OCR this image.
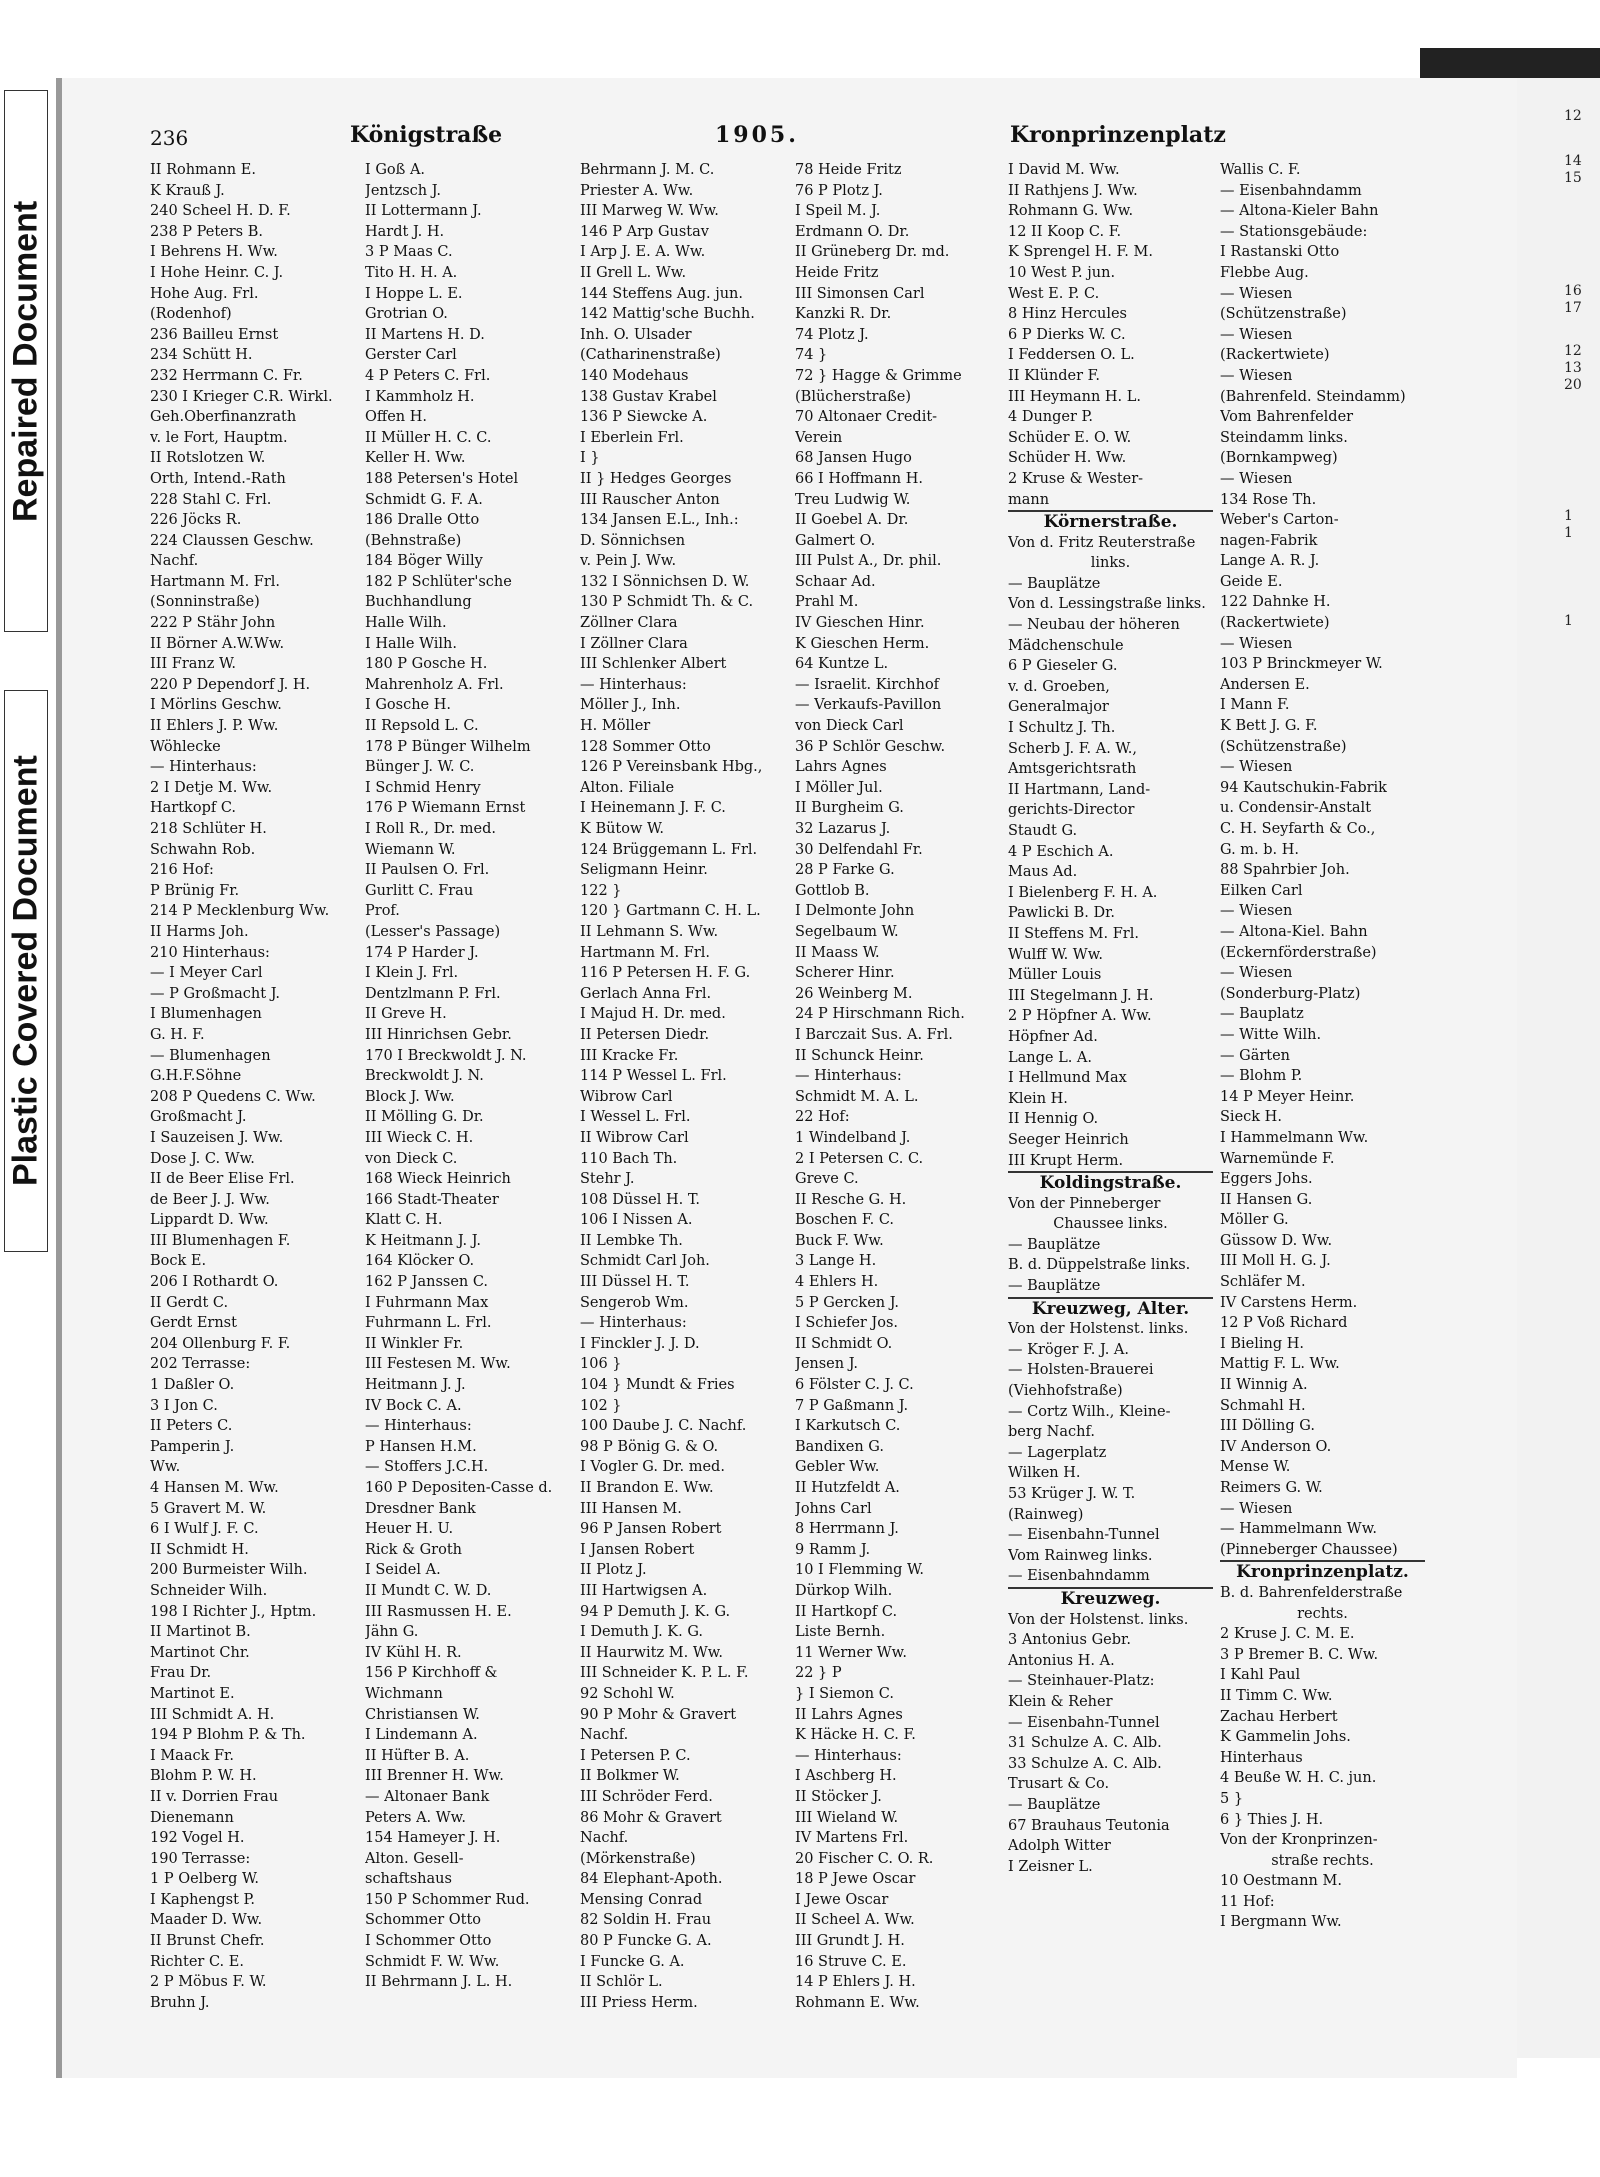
12
14
15
16
17
12
13
20
1
1
1
Repaired Document
Plastic Covered Document
236	Königstraße	1905.	Kronprinzenplatz
II Rohmann E.
K Krauß J.
240 Scheel H. D. F.
238 P Peters B.
I Behrens H. Ww.
I Hohe Heinr. C. J.
Hohe Aug. Frl.
(Rodenhof)
236 Bailleu Ernst
234 Schütt H.
232 Herrmann C. Fr.
230 I Krieger C.R. Wirkl.
Geh.Oberfinanzrath
v. le Fort, Hauptm.
II Rotslotzen W.
Orth, Intend.-Rath
228 Stahl C. Frl.
226 Jöcks R.
224 Claussen Geschw.
Nachf.
Hartmann M. Frl.
(Sonninstraße)
222 P Stähr John
II Börner A.W.Ww.
III Franz W.
220 P Dependorf J. H.
I Mörlins Geschw.
II Ehlers J. P. Ww.
Wöhlecke
— Hinterhaus:
2 I Detje M. Ww.
Hartkopf C.
218 Schlüter H.
Schwahn Rob.
216 Hof:
P Brünig Fr.
214 P Mecklenburg Ww.
II Harms Joh.
210 Hinterhaus:
— I Meyer Carl
— P Großmacht J.
I Blumenhagen
G. H. F.
— Blumenhagen
G.H.F.Söhne
208 P Quedens C. Ww.
Großmacht J.
I Sauzeisen J. Ww.
Dose J. C. Ww.
II de Beer Elise Frl.
de Beer J. J. Ww.
Lippardt D. Ww.
III Blumenhagen F.
Bock E.
206 I Rothardt O.
II Gerdt C.
Gerdt Ernst
204 Ollenburg F. F.
202 Terrasse:
1 Daßler O.
3 I Jon C.
II Peters C.
Pamperin J.
Ww.
4 Hansen M. Ww.
5 Gravert M. W.
6 I Wulf J. F. C.
II Schmidt H.
200 Burmeister Wilh.
Schneider Wilh.
198 I Richter J., Hptm.
II Martinot B.
Martinot Chr.
Frau Dr.
Martinot E.
III Schmidt A. H.
194 P Blohm P. & Th.
I Maack Fr.
Blohm P. W. H.
II v. Dorrien Frau
Dienemann
192 Vogel H.
190 Terrasse:
1 P Oelberg W.
I Kaphengst P.
Maader D. Ww.
II Brunst Chefr.
Richter C. E.
2 P Möbus F. W.
Bruhn J.
I Goß A.
Jentzsch J.
II Lottermann J.
Hardt J. H.
3 P Maas C.
Tito H. H. A.
I Hoppe L. E.
Grotrian O.
II Martens H. D.
Gerster Carl
4 P Peters C. Frl.
I Kammholz H.
Offen H.
II Müller H. C. C.
Keller H. Ww.
188 Petersen's Hotel
Schmidt G. F. A.
186 Dralle Otto
(Behnstraße)
184 Böger Willy
182 P Schlüter'sche
Buchhandlung
Halle Wilh.
I Halle Wilh.
180 P Gosche H.
Mahrenholz A. Frl.
I Gosche H.
II Repsold L. C.
178 P Bünger Wilhelm
Bünger J. W. C.
I Schmid Henry
176 P Wiemann Ernst
I Roll R., Dr. med.
Wiemann W.
II Paulsen O. Frl.
Gurlitt C. Frau
Prof.
(Lesser's Passage)
174 P Harder J.
I Klein J. Frl.
Dentzlmann P. Frl.
II Greve H.
III Hinrichsen Gebr.
170 I Breckwoldt J. N.
Breckwoldt J. N.
Block J. Ww.
II Mölling G. Dr.
III Wieck C. H.
von Dieck C.
168 Wieck Heinrich
166 Stadt-Theater
Klatt C. H.
K Heitmann J. J.
164 Klöcker O.
162 P Janssen C.
I Fuhrmann Max
Fuhrmann L. Frl.
II Winkler Fr.
III Festesen M. Ww.
Heitmann J. J.
IV Bock C. A.
— Hinterhaus:
P Hansen H.M.
— Stoffers J.C.H.
160 P Depositen-Casse d.
Dresdner Bank
Heuer H. U.
Rick & Groth
I Seidel A.
II Mundt C. W. D.
III Rasmussen H. E.
Jähn G.
IV Kühl H. R.
156 P Kirchhoff &
Wichmann
Christiansen W.
I Lindemann A.
II Hüfter B. A.
III Brenner H. Ww.
— Altonaer Bank
Peters A. Ww.
154 Hameyer J. H.
Alton. Gesell-
schaftshaus
150 P Schommer Rud.
Schommer Otto
I Schommer Otto
Schmidt F. W. Ww.
II Behrmann J. L. H.
Behrmann J. M. C.
Priester A. Ww.
III Marweg W. Ww.
146 P Arp Gustav
I Arp J. E. A. Ww.
II Grell L. Ww.
144 Steffens Aug. jun.
142 Mattig'sche Buchh.
Inh. O. Ulsader
(Catharinenstraße)
140 Modehaus
138 Gustav Krabel
136 P Siewcke A.
I Eberlein Frl.
I }
II } Hedges Georges
III Rauscher Anton
134 Jansen E.L., Inh.:
D. Sönnichsen
v. Pein J. Ww.
132 I Sönnichsen D. W.
130 P Schmidt Th. & C.
Zöllner Clara
I Zöllner Clara
III Schlenker Albert
— Hinterhaus:
Möller J., Inh.
H. Möller
128 Sommer Otto
126 P Vereinsbank Hbg.,
Alton. Filiale
I Heinemann J. F. C.
K Bütow W.
124 Brüggemann L. Frl.
Seligmann Heinr.
122 }
120 } Gartmann C. H. L.
II Lehmann S. Ww.
Hartmann M. Frl.
116 P Petersen H. F. G.
Gerlach Anna Frl.
I Majud H. Dr. med.
II Petersen Diedr.
III Kracke Fr.
114 P Wessel L. Frl.
Wibrow Carl
I Wessel L. Frl.
II Wibrow Carl
110 Bach Th.
Stehr J.
108 Düssel H. T.
106 I Nissen A.
II Lembke Th.
Schmidt Carl Joh.
III Düssel H. T.
Sengerob Wm.
— Hinterhaus:
I Finckler J. J. D.
106 }
104 } Mundt & Fries
102 }
100 Daube J. C. Nachf.
98 P Bönig G. & O.
I Vogler G. Dr. med.
II Brandon E. Ww.
III Hansen M.
96 P Jansen Robert
I Jansen Robert
II Plotz J.
III Hartwigsen A.
94 P Demuth J. K. G.
I Demuth J. K. G.
II Haurwitz M. Ww.
III Schneider K. P. L. F.
92 Schohl W.
90 P Mohr & Gravert
Nachf.
I Petersen P. C.
II Bolkmer W.
III Schröder Ferd.
86 Mohr & Gravert
Nachf.
(Mörkenstraße)
84 Elephant-Apoth.
Mensing Conrad
82 Soldin H. Frau
80 P Funcke G. A.
I Funcke G. A.
II Schlör L.
III Priess Herm.
78 Heide Fritz
76 P Plotz J.
I Speil M. J.
Erdmann O. Dr.
II Grüneberg Dr. md.
Heide Fritz
III Simonsen Carl
Kanzki R. Dr.
74 Plotz J.
74 }
72 } Hagge & Grimme
(Blücherstraße)
70 Altonaer Credit-
Verein
68 Jansen Hugo
66 I Hoffmann H.
Treu Ludwig W.
II Goebel A. Dr.
Galmert O.
III Pulst A., Dr. phil.
Schaar Ad.
Prahl M.
IV Gieschen Hinr.
K Gieschen Herm.
64 Kuntze L.
— Israelit. Kirchhof
— Verkaufs-Pavillon
von Dieck Carl
36 P Schlör Geschw.
Lahrs Agnes
I Möller Jul.
II Burgheim G.
32 Lazarus J.
30 Delfendahl Fr.
28 P Farke G.
Gottlob B.
I Delmonte John
Segelbaum W.
II Maass W.
Scherer Hinr.
26 Weinberg M.
24 P Hirschmann Rich.
I Barczait Sus. A. Frl.
II Schunck Heinr.
— Hinterhaus:
Schmidt M. A. L.
22 Hof:
1 Windelband J.
2 I Petersen C. C.
Greve C.
II Resche G. H.
Boschen F. C.
Buck F. Ww.
3 Lange H.
4 Ehlers H.
5 P Gercken J.
I Schiefer Jos.
II Schmidt O.
Jensen J.
6 Fölster C. J. C.
7 P Gaßmann J.
I Karkutsch C.
Bandixen G.
Gebler Ww.
II Hutzfeldt A.
Johns Carl
8 Herrmann J.
9 Ramm J.
10 I Flemming W.
Dürkop Wilh.
II Hartkopf C.
Liste Bernh.
11 Werner Ww.
22 } P
} I Siemon C.
II Lahrs Agnes
K Häcke H. C. F.
— Hinterhaus:
I Aschberg H.
II Stöcker J.
III Wieland W.
IV Martens Frl.
20 Fischer C. O. R.
18 P Jewe Oscar
I Jewe Oscar
II Scheel A. Ww.
III Grundt J. H.
16 Struve C. E.
14 P Ehlers J. H.
Rohmann E. Ww.
I David M. Ww.
II Rathjens J. Ww.
Rohmann G. Ww.
12 II Koop C. F.
K Sprengel H. F. M.
10 West P. jun.
West E. P. C.
8 Hinz Hercules
6 P Dierks W. C.
I Feddersen O. L.
II Klünder F.
III Heymann H. L.
4 Dunger P.
Schüder E. O. W.
Schüder H. Ww.
2 Kruse & Wester-
mann
Körnerstraße.
Von d. Fritz Reuterstraße
links.
— Bauplätze
Von d. Lessingstraße links.
— Neubau der höheren
Mädchenschule
6 P Gieseler G.
v. d. Groeben,
Generalmajor
I Schultz J. Th.
Scherb J. F. A. W.,
Amtsgerichtsrath
II Hartmann, Land-
gerichts-Director
Staudt G.
4 P Eschich A.
Maus Ad.
I Bielenberg F. H. A.
Pawlicki B. Dr.
II Steffens M. Frl.
Wulff W. Ww.
Müller Louis
III Stegelmann J. H.
2 P Höpfner A. Ww.
Höpfner Ad.
Lange L. A.
I Hellmund Max
Klein H.
II Hennig O.
Seeger Heinrich
III Krupt Herm.
Koldingstraße.
Von der Pinneberger
Chaussee links.
— Bauplätze
B. d. Düppelstraße links.
— Bauplätze
Kreuzweg, Alter.
Von der Holstenst. links.
— Kröger F. J. A.
— Holsten-Brauerei
(Viehhofstraße)
— Cortz Wilh., Kleine-
berg Nachf.
— Lagerplatz
Wilken H.
53 Krüger J. W. T.
(Rainweg)
— Eisenbahn-Tunnel
Vom Rainweg links.
— Eisenbahndamm
Kreuzweg.
Von der Holstenst. links.
3 Antonius Gebr.
Antonius H. A.
— Steinhauer-Platz:
Klein & Reher
— Eisenbahn-Tunnel
31 Schulze A. C. Alb.
33 Schulze A. C. Alb.
Trusart & Co.
— Bauplätze
67 Brauhaus Teutonia
Adolph Witter
I Zeisner L.
Wallis C. F.
— Eisenbahndamm
— Altona-Kieler Bahn
— Stationsgebäude:
I Rastanski Otto
Flebbe Aug.
— Wiesen
(Schützenstraße)
— Wiesen
(Rackertwiete)
— Wiesen
(Bahrenfeld. Steindamm)
Vom Bahrenfelder
Steindamm links.
(Bornkampweg)
— Wiesen
134 Rose Th.
Weber's Carton-
nagen-Fabrik
Lange A. R. J.
Geide E.
122 Dahnke H.
(Rackertwiete)
— Wiesen
103 P Brinckmeyer W.
Andersen E.
I Mann F.
K Bett J. G. F.
(Schützenstraße)
— Wiesen
94 Kautschukin-Fabrik
u. Condensir-Anstalt
C. H. Seyfarth & Co.,
G. m. b. H.
88 Spahrbier Joh.
Eilken Carl
— Wiesen
— Altona-Kiel. Bahn
(Eckernförderstraße)
— Wiesen
(Sonderburg-Platz)
— Bauplatz
— Witte Wilh.
— Gärten
— Blohm P.
14 P Meyer Heinr.
Sieck H.
I Hammelmann Ww.
Warnemünde F.
Eggers Johs.
II Hansen G.
Möller G.
Güssow D. Ww.
III Moll H. G. J.
Schläfer M.
IV Carstens Herm.
12 P Voß Richard
I Bieling H.
Mattig F. L. Ww.
II Winnig A.
Schmahl H.
III Dölling G.
IV Anderson O.
Mense W.
Reimers G. W.
— Wiesen
— Hammelmann Ww.
(Pinneberger Chaussee)
Kronprinzenplatz.
B. d. Bahrenfelderstraße
rechts.
2 Kruse J. C. M. E.
3 P Bremer B. C. Ww.
I Kahl Paul
II Timm C. Ww.
Zachau Herbert
K Gammelin Johs.
Hinterhaus
4 Beuße W. H. C. jun.
5 }
6 } Thies J. H.
Von der Kronprinzen-
straße rechts.
10 Oestmann M.
11 Hof:
I Bergmann Ww.
